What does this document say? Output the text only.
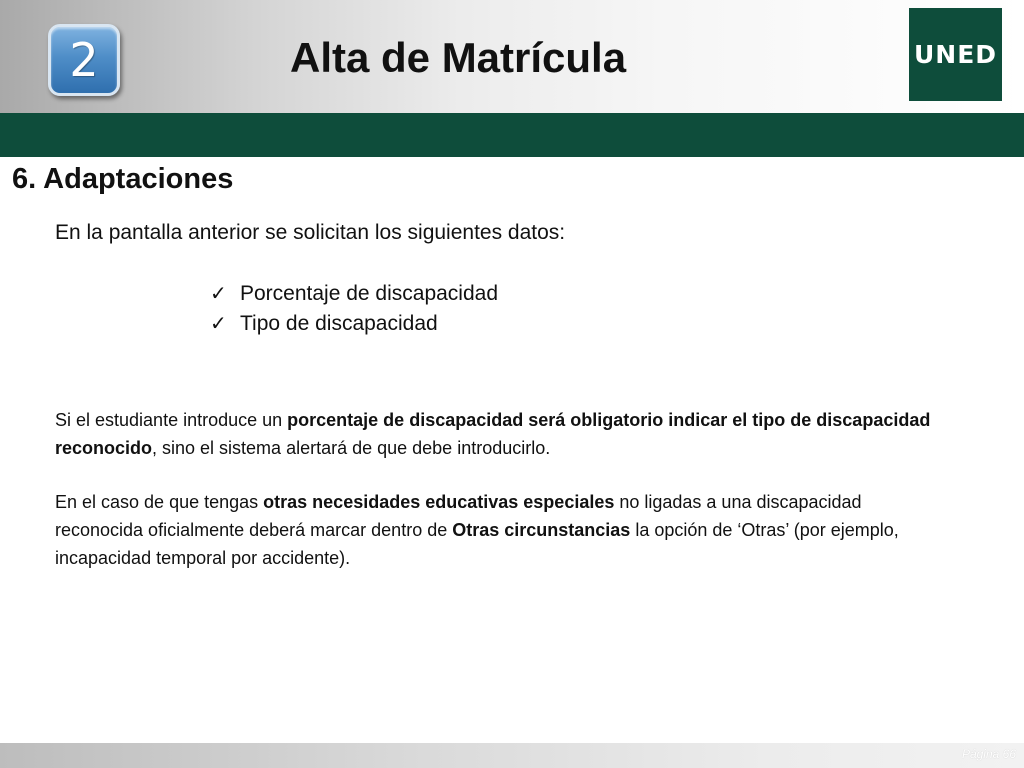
2	Alta de Matrícula	UNED
6. Adaptaciones
En la pantalla anterior se solicitan los siguientes datos:
✓ Porcentaje de discapacidad
✓ Tipo de discapacidad
Si el estudiante introduce un porcentaje de discapacidad será obligatorio indicar el tipo de discapacidad reconocido, sino el sistema alertará de que debe introducirlo.
En el caso de que tengas otras necesidades educativas especiales no ligadas a una discapacidad reconocida oficialmente deberá marcar dentro de Otras circunstancias la opción de ‘Otras’ (por ejemplo, incapacidad temporal por accidente).
Página 66
